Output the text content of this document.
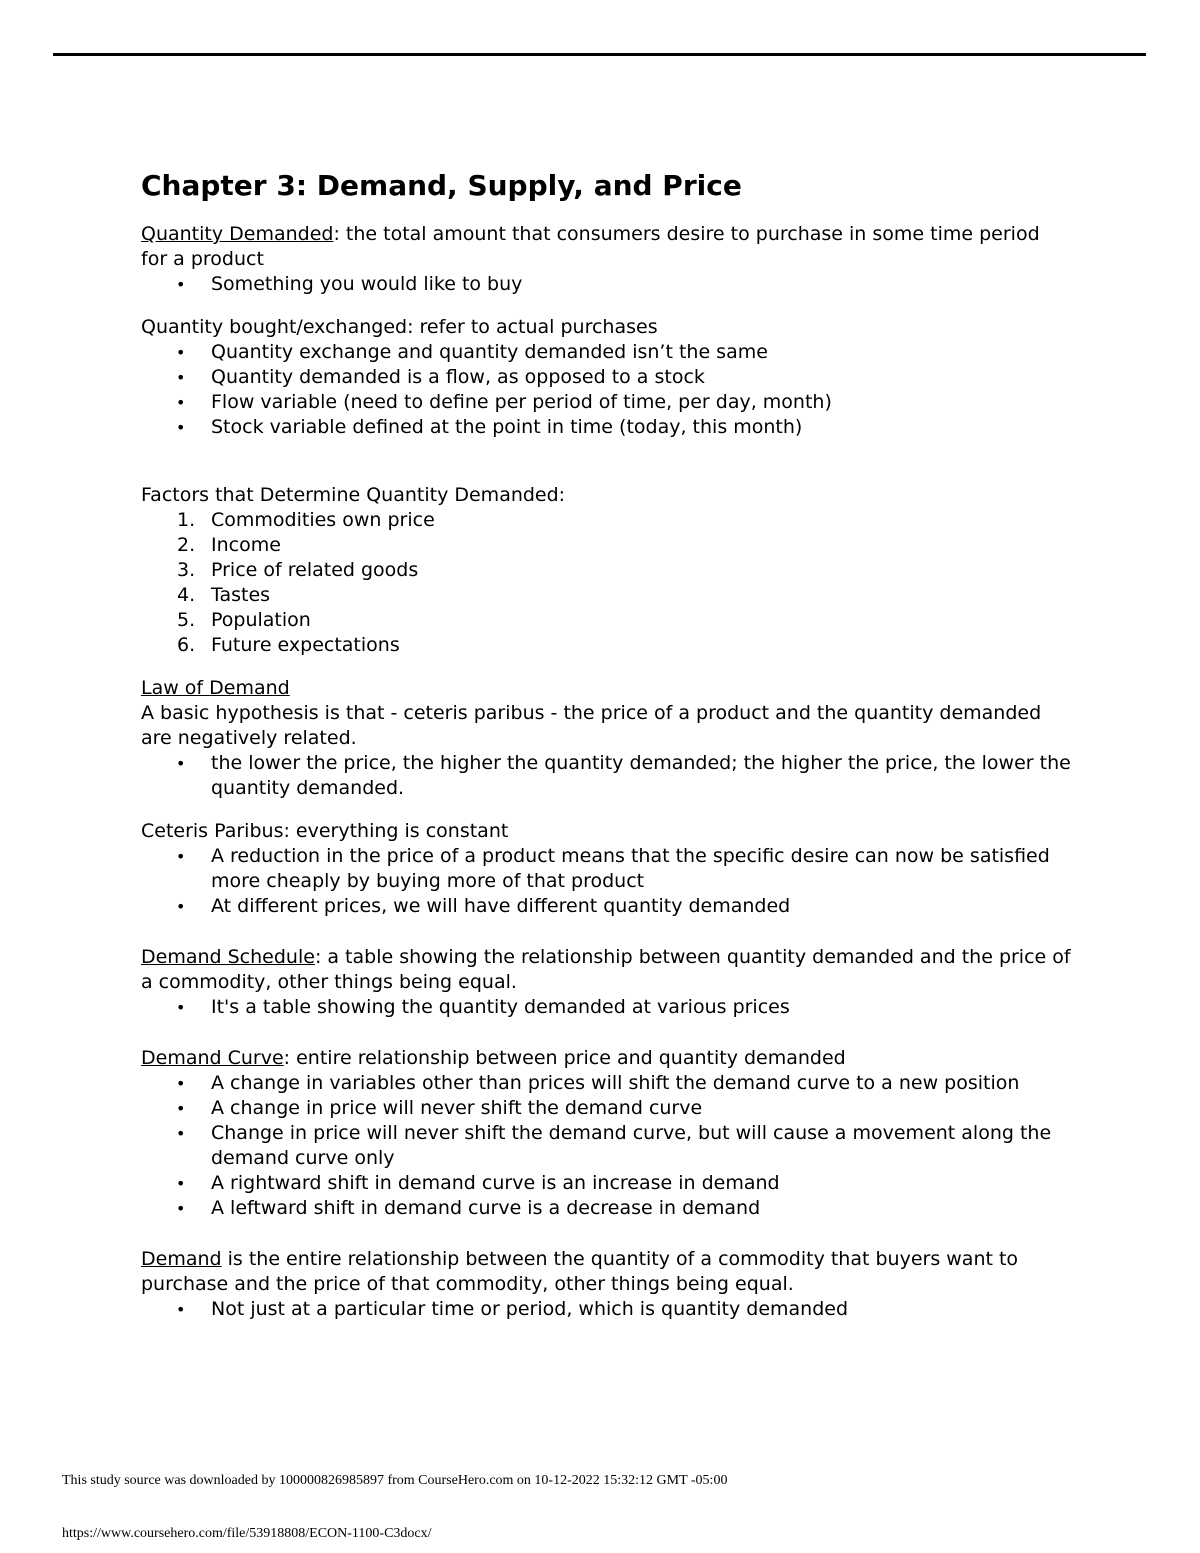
Chapter 3: Demand, Supply, and Price

Quantity Demanded: the total amount that consumers desire to purchase in some time period for a product

• Something you would like to buy

Quantity bought/exchanged: refer to actual purchases

• Quantity exchange and quantity demanded isn’t the same
• Quantity demanded is a flow, as opposed to a stock
• Flow variable (need to define per period of time, per day, month)
• Stock variable defined at the point in time (today, this month)

Factors that Determine Quantity Demanded:

1. Commodities own price
2. Income
3. Price of related goods
4. Tastes
5. Population
6. Future expectations

Law of Demand

A basic hypothesis is that - ceteris paribus - the price of a product and the quantity demanded are negatively related.

• the lower the price, the higher the quantity demanded; the higher the price, the lower the quantity demanded.

Ceteris Paribus: everything is constant

• A reduction in the price of a product means that the specific desire can now be satisfied more cheaply by buying more of that product
• At different prices, we will have different quantity demanded

Demand Schedule: a table showing the relationship between quantity demanded and the price of a commodity, other things being equal.

• It's a table showing the quantity demanded at various prices

Demand Curve: entire relationship between price and quantity demanded

• A change in variables other than prices will shift the demand curve to a new position
• A change in price will never shift the demand curve
• Change in price will never shift the demand curve, but will cause a movement along the demand curve only
• A rightward shift in demand curve is an increase in demand
• A leftward shift in demand curve is a decrease in demand

Demand is the entire relationship between the quantity of a commodity that buyers want to purchase and the price of that commodity, other things being equal.

• Not just at a particular time or period, which is quantity demanded
This study source was downloaded by 100000826985897 from CourseHero.com on 10-12-2022 15:32:12 GMT -05:00
https://www.coursehero.com/file/53918808/ECON-1100-C3docx/
